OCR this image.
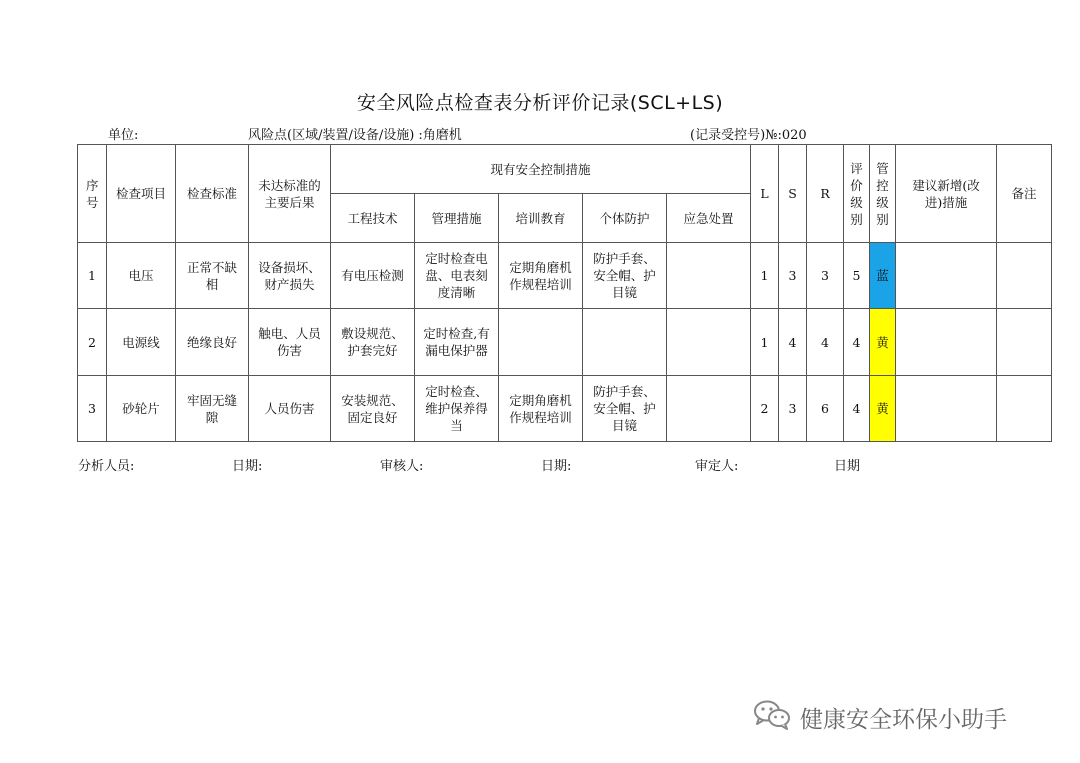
安全风险点检查表分析评价记录(SCL+LS)
单位:	风险点(区域/装置/设备/设施) :角磨机	(记录受控号)№:020
序号	检查项目	检查标准	未达标准的主要后果	现有安全控制措施					L	S	R	评价级别	管控级别	建议新增(改进)措施	备注
				工程技术	管理措施	培训教育	个体防护	应急处置							
1	电压	正常不缺相	设备损坏、财产损失	有电压检测	定时检查电盘、电表刻度清晰	定期角磨机作规程培训	防护手套、安全帽、护目镜		1	3	3	5	蓝		
2	电源线	绝缘良好	触电、人员伤害	敷设规范、护套完好	定时检查,有漏电保护器				1	4	4	4	黄		
3	砂轮片	牢固无缝隙	人员伤害	安装规范、固定良好	定时检查、维护保养得当	定期角磨机作规程培训	防护手套、安全帽、护目镜		2	3	6	4	黄		
分析人员:	日期:	审核人:	日期:	审定人:	日期
健康安全环保小助手
